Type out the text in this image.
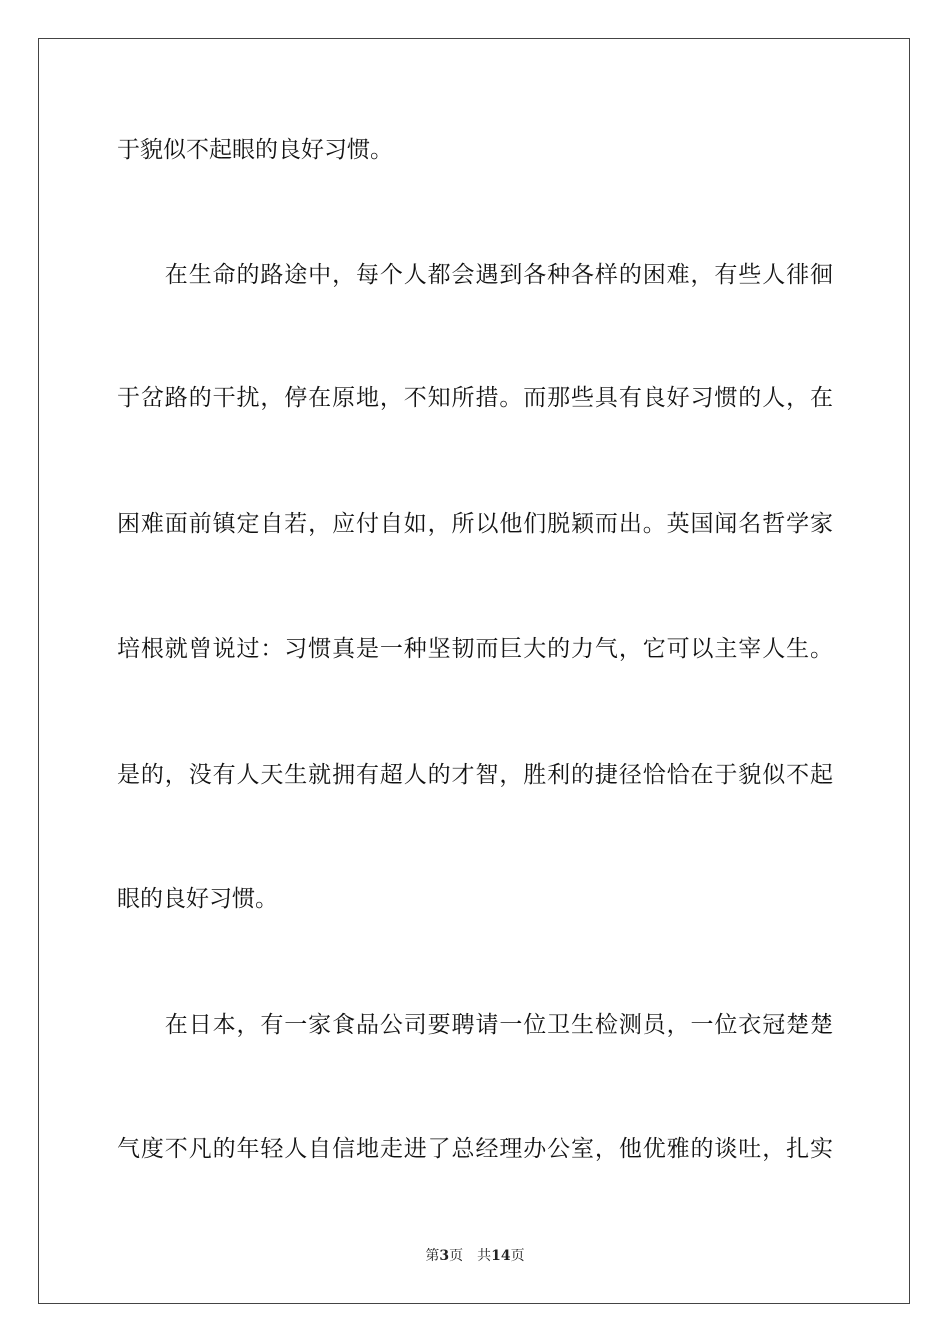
于貌似不起眼的良好习惯。
　　在生命的路途中，每个人都会遇到各种各样的困难，有些人徘徊
于岔路的干扰，停在原地，不知所措。而那些具有良好习惯的人，在
困难面前镇定自若，应付自如，所以他们脱颖而出。英国闻名哲学家
培根就曾说过：习惯真是一种坚韧而巨大的力气，它可以主宰人生。
是的，没有人天生就拥有超人的才智，胜利的捷径恰恰在于貌似不起
眼的良好习惯。
　　在日本，有一家食品公司要聘请一位卫生检测员，一位衣冠楚楚
气度不凡的年轻人自信地走进了总经理办公室，他优雅的谈吐，扎实
第3页 共14页
